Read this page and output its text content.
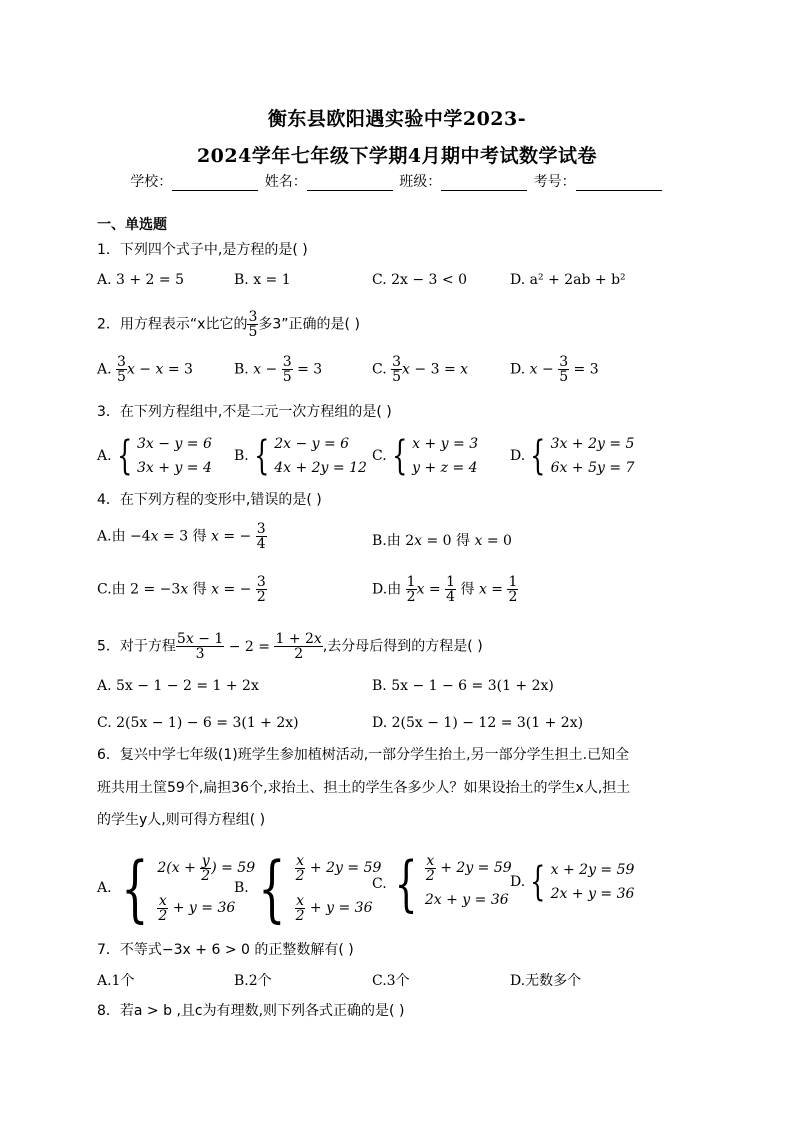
衡东县欧阳遇实验中学2023-
2024学年七年级下学期4月期中考试数学试卷
学校：	姓名：	班级：	考号：
一、单选题
1．下列四个式子中,是方程的是( )
A. 3 + 2 = 5	B. x = 1	C. 2x − 3 < 0	D. a² + 2ab + b²
2．用方程表示“x比它的 $\frac{3}{5}$ 多3”正确的是( )
A. $\frac{3}{5}$ x − x = 3	B. $x - \frac{3}{5} = 3$	C. $\frac{3}{5}$ x − 3 = x	D. $x - \frac{3}{5} = 3$
3．在下列方程组中,不是二元一次方程组的是( )
A. { 3x − y = 6
3x + y = 4
B. { 2x − y = 6
4x + 2y = 12
C. { x + y = 3
y + z = 4
D. { 3x + 2y = 5
6x + 5y = 7
4．在下列方程的变形中,错误的是( )
A.由 −4x = 3 得 x = − $\frac{3}{4}$	B.由 2x = 0 得 x = 0
C.由 2 = −3x 得 x = − $\frac{3}{2}$	D.由 $\frac{1}{2}$ $x = \frac{1}{4}$ 得 $x = \frac{1}{2}$
5．对于方程 $\frac{5x - 1}{3} - 2 = \frac{1 + 2x}{2}$ ,去分母后得到的方程是( )
A. 5x − 1 − 2 = 1 + 2x	B. 5x − 1 − 6 = 3(1 + 2x)
C. 2(5x − 1) − 6 = 3(1 + 2x)	D. 2(5x − 1) − 12 = 3(1 + 2x)
6．复兴中学七年级(1)班学生参加植树活动,一部分学生抬土,另一部分学生担土.已知全
班共用土筐59个,扁担36个,求抬土、担土的学生各多少人？如果设抬土的学生x人,担土
的学生y人,则可得方程组( )
A. { $2(x + \frac{y}{2}$ ) = 59

$\frac{x}{2} + y = 36$
B. { $\frac{x}{2} + 2y = 59$

$\frac{x}{2} + y = 36$
C. { $\frac{x}{2} + 2y = 59$
2x + y = 36
D. { x + 2y = 59
2x + y = 36
7．不等式−3x + 6 > 0 的正整数解有( )
A.1个	B.2个	C.3个	D.无数多个
8．若a > b ,且c为有理数,则下列各式正确的是( )
